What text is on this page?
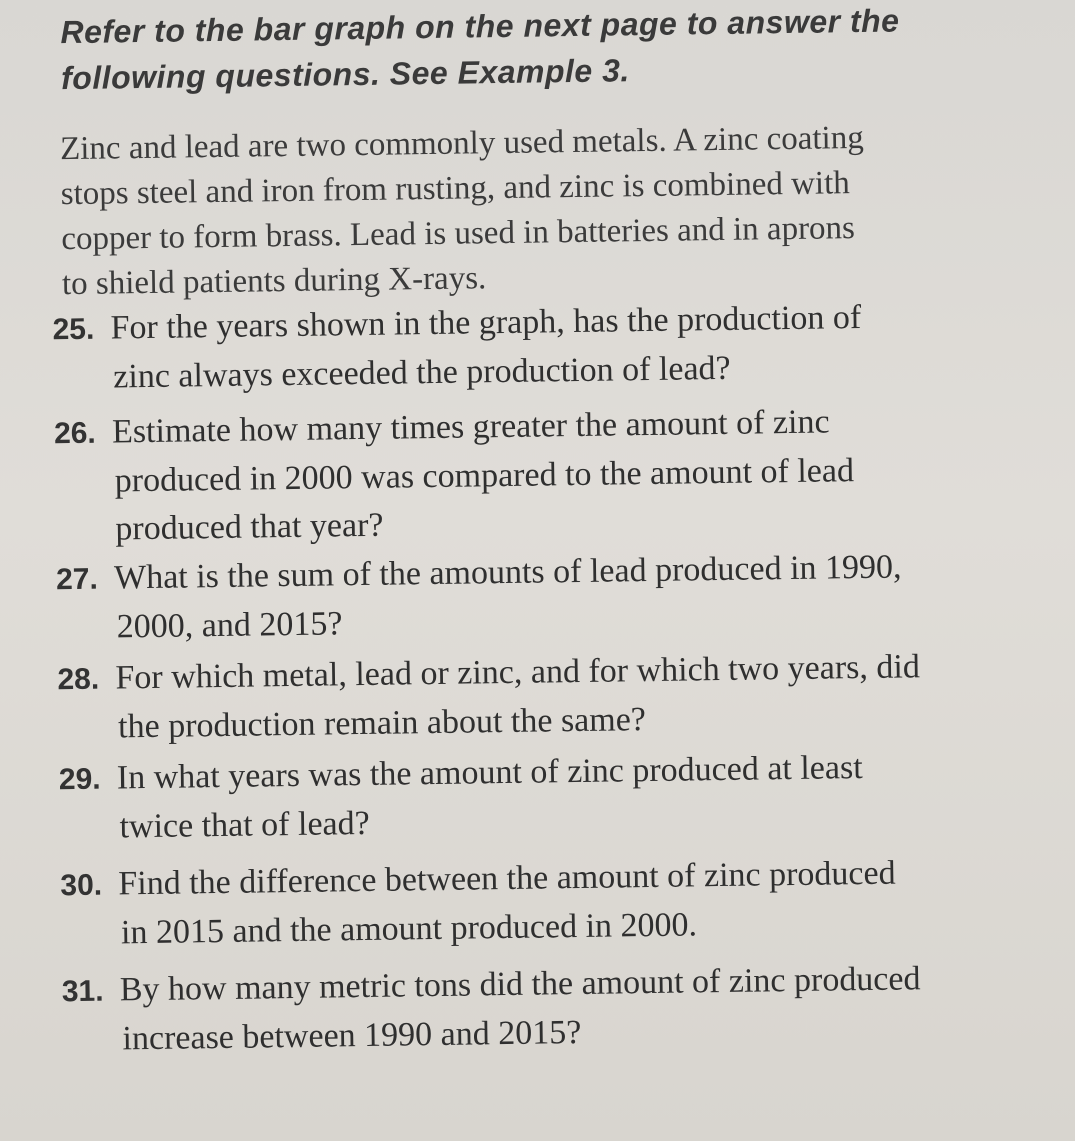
Refer to the bar graph on the next page to answer the
following questions. See Example 3.
Zinc and lead are two commonly used metals. A zinc coating
stops steel and iron from rusting, and zinc is combined with
copper to form brass. Lead is used in batteries and in aprons
to shield patients during X-rays.
25. For the years shown in the graph, has the production of
zinc always exceeded the production of lead?
26. Estimate how many times greater the amount of zinc
produced in 2000 was compared to the amount of lead
produced that year?
27. What is the sum of the amounts of lead produced in 1990,
2000, and 2015?
28. For which metal, lead or zinc, and for which two years, did
the production remain about the same?
29. In what years was the amount of zinc produced at least
twice that of lead?
30. Find the difference between the amount of zinc produced
in 2015 and the amount produced in 2000.
31. By how many metric tons did the amount of zinc produced
increase between 1990 and 2015?
